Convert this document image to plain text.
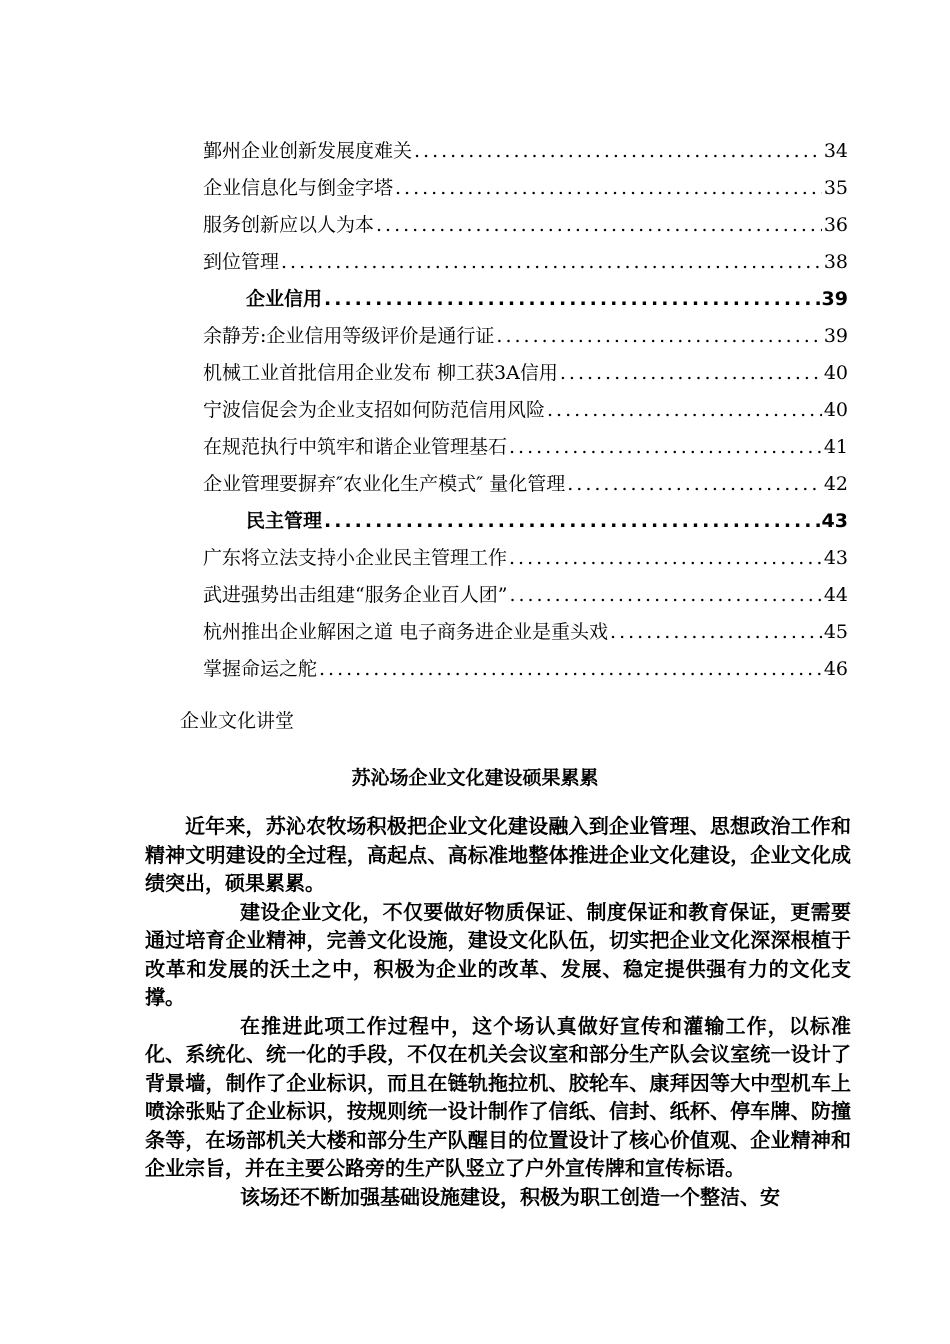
鄞州企业创新发展度难关 .....	34
企业信息化与倒金字塔 .....	35
服务创新应以人为本 .....	36
到位管理 .....	38
企业信用 .....	39
余静芳:企业信用等级评价是通行证 .....	39
机械工业首批信用企业发布 柳工获3A信用 .....	40
宁波信促会为企业支招如何防范信用风险 .....	40
在规范执行中筑牢和谐企业管理基石 .....	41
企业管理要摒弃″农业化生产模式″ 量化管理 .....	42
民主管理 .....	43
广东将立法支持小企业民主管理工作 .....	43
武进强势出击组建“服务企业百人团” .....	44
杭州推出企业解困之道 电子商务进企业是重头戏 .....	45
掌握命运之舵 .....	46
企业文化讲堂
苏沁场企业文化建设硕果累累

近年来，苏沁农牧场积极把企业文化建设融入到企业管理、思想政治工作和精神文明建设的全过程，高起点、高标准地整体推进企业文化建设，企业文化成绩突出，硕果累累。

建设企业文化，不仅要做好物质保证、制度保证和教育保证，更需要通过培育企业精神，完善文化设施，建设文化队伍，切实把企业文化深深根植于改革和发展的沃土之中，积极为企业的改革、发展、稳定提供强有力的文化支撑。

在推进此项工作过程中，这个场认真做好宣传和灌输工作，以标准化、系统化、统一化的手段，不仅在机关会议室和部分生产队会议室统一设计了背景墙，制作了企业标识，而且在链轨拖拉机、胶轮车、康拜因等大中型机车上喷涂张贴了企业标识，按规则统一设计制作了信纸、信封、纸杯、停车牌、防撞条等，在场部机关大楼和部分生产队醒目的位置设计了核心价值观、企业精神和企业宗旨，并在主要公路旁的生产队竖立了户外宣传牌和宣传标语。

该场还不断加强基础设施建设，积极为职工创造一个整洁、安
